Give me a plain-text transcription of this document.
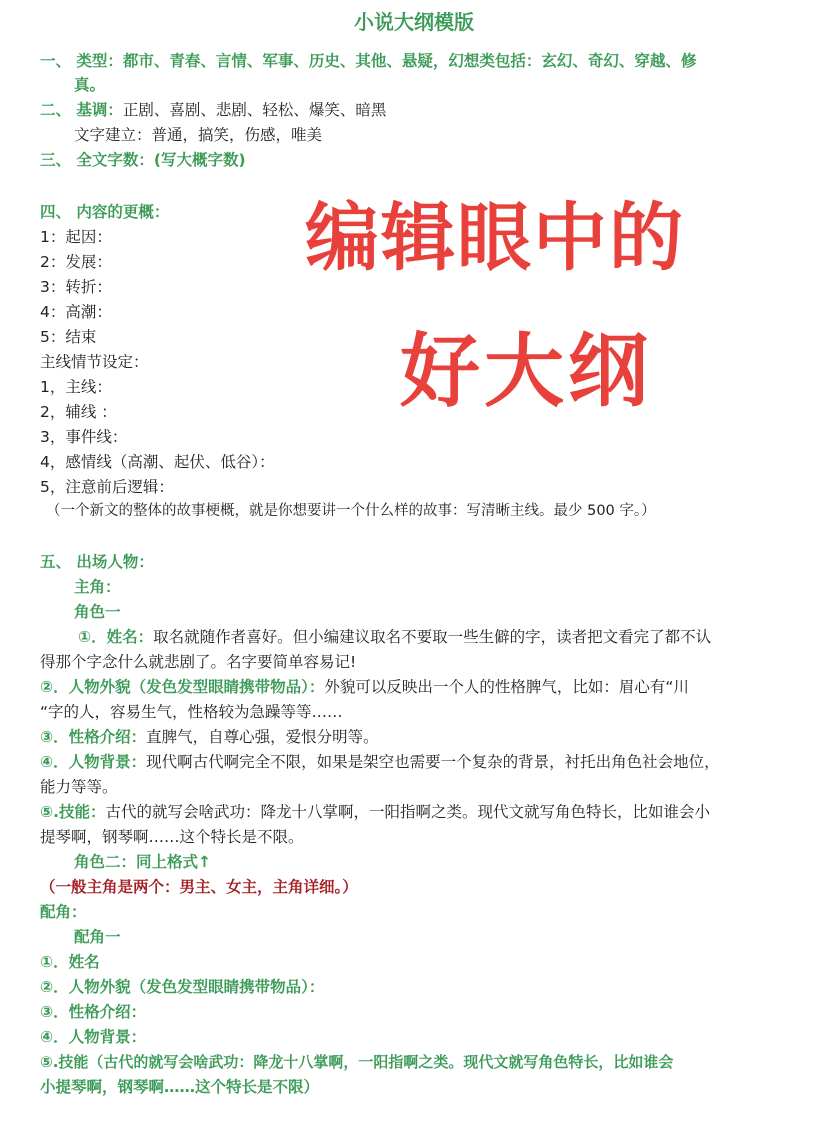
小说大纲模版
一、 类型：都市、青春、言情、军事、历史、其他、悬疑，幻想类包括：玄幻、奇幻、穿越、修
真。
二、 基调：正剧、喜剧、悲剧、轻松、爆笑、暗黑
文字建立：普通，搞笑，伤感，唯美
三、 全文字数：(写大概字数)
四、 内容的更概：
1：起因：
2：发展：
3：转折：
4：高潮：
5：结束
主线情节设定：
1，主线：
2，辅线 ：
3，事件线：
4，感情线（高潮、起伏、低谷）：
5，注意前后逻辑：
（一个新文的整体的故事梗概，就是你想要讲一个什么样的故事：写清晰主线。最少 500 字。）
编辑眼中的
好大纲
五、 出场人物：
主角：
角色一
①．姓名：取名就随作者喜好。但小编建议取名不要取一些生僻的字，读者把文看完了都不认
得那个字念什么就悲剧了。名字要简单容易记!
②．人物外貌（发色发型眼睛携带物品）：外貌可以反映出一个人的性格脾气，比如：眉心有“川
“字的人，容易生气，性格较为急躁等等……
③．性格介绍：直脾气，自尊心强，爱恨分明等。
④．人物背景：现代啊古代啊完全不限，如果是架空也需要一个复杂的背景，衬托出角色社会地位，
能力等等。
⑤.技能：古代的就写会啥武功：降龙十八掌啊，一阳指啊之类。现代文就写角色特长，比如谁会小
提琴啊，钢琴啊……这个特长是不限。
角色二：同上格式↑
（一般主角是两个：男主、女主，主角详细。）
配角：
配角一
①．姓名
②．人物外貌（发色发型眼睛携带物品）：
③．性格介绍：
④．人物背景：
⑤.技能（古代的就写会啥武功：降龙十八掌啊，一阳指啊之类。现代文就写角色特长，比如谁会
小提琴啊，钢琴啊……这个特长是不限）
